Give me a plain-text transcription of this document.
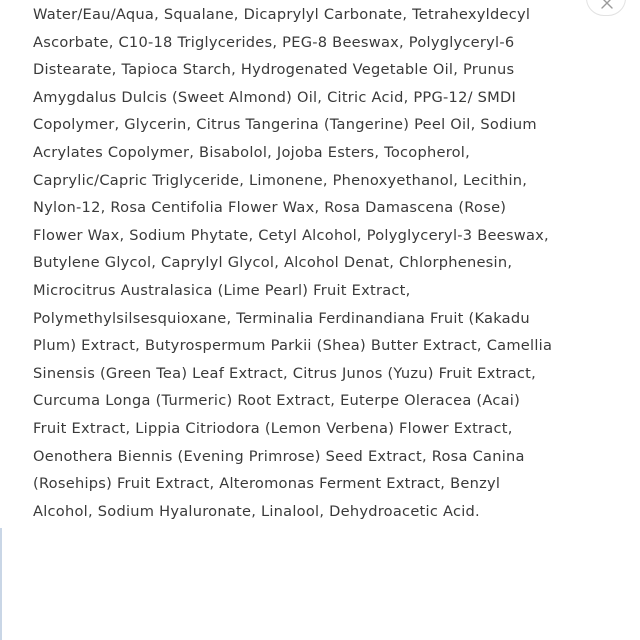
Water/Eau/Aqua, Squalane, Dicaprylyl Carbonate, Tetrahexyldecyl
Ascorbate, C10-18 Triglycerides, PEG-8 Beeswax, Polyglyceryl-6
Distearate, Tapioca Starch, Hydrogenated Vegetable Oil, Prunus
Amygdalus Dulcis (Sweet Almond) Oil, Citric Acid, PPG-12/ SMDI
Copolymer, Glycerin, Citrus Tangerina (Tangerine) Peel Oil, Sodium
Acrylates Copolymer, Bisabolol, Jojoba Esters, Tocopherol,
Caprylic/Capric Triglyceride, Limonene, Phenoxyethanol, Lecithin,
Nylon-12, Rosa Centifolia Flower Wax, Rosa Damascena (Rose)
Flower Wax, Sodium Phytate, Cetyl Alcohol, Polyglyceryl-3 Beeswax,
Butylene Glycol, Caprylyl Glycol, Alcohol Denat, Chlorphenesin,
Microcitrus Australasica (Lime Pearl) Fruit Extract,
Polymethylsilsesquioxane, Terminalia Ferdinandiana Fruit (Kakadu
Plum) Extract, Butyrospermum Parkii (Shea) Butter Extract, Camellia
Sinensis (Green Tea) Leaf Extract, Citrus Junos (Yuzu) Fruit Extract,
Curcuma Longa (Turmeric) Root Extract, Euterpe Oleracea (Acai)
Fruit Extract, Lippia Citriodora (Lemon Verbena) Flower Extract,
Oenothera Biennis (Evening Primrose) Seed Extract, Rosa Canina
(Rosehips) Fruit Extract, Alteromonas Ferment Extract, Benzyl
Alcohol, Sodium Hyaluronate, Linalool, Dehydroacetic Acid.
